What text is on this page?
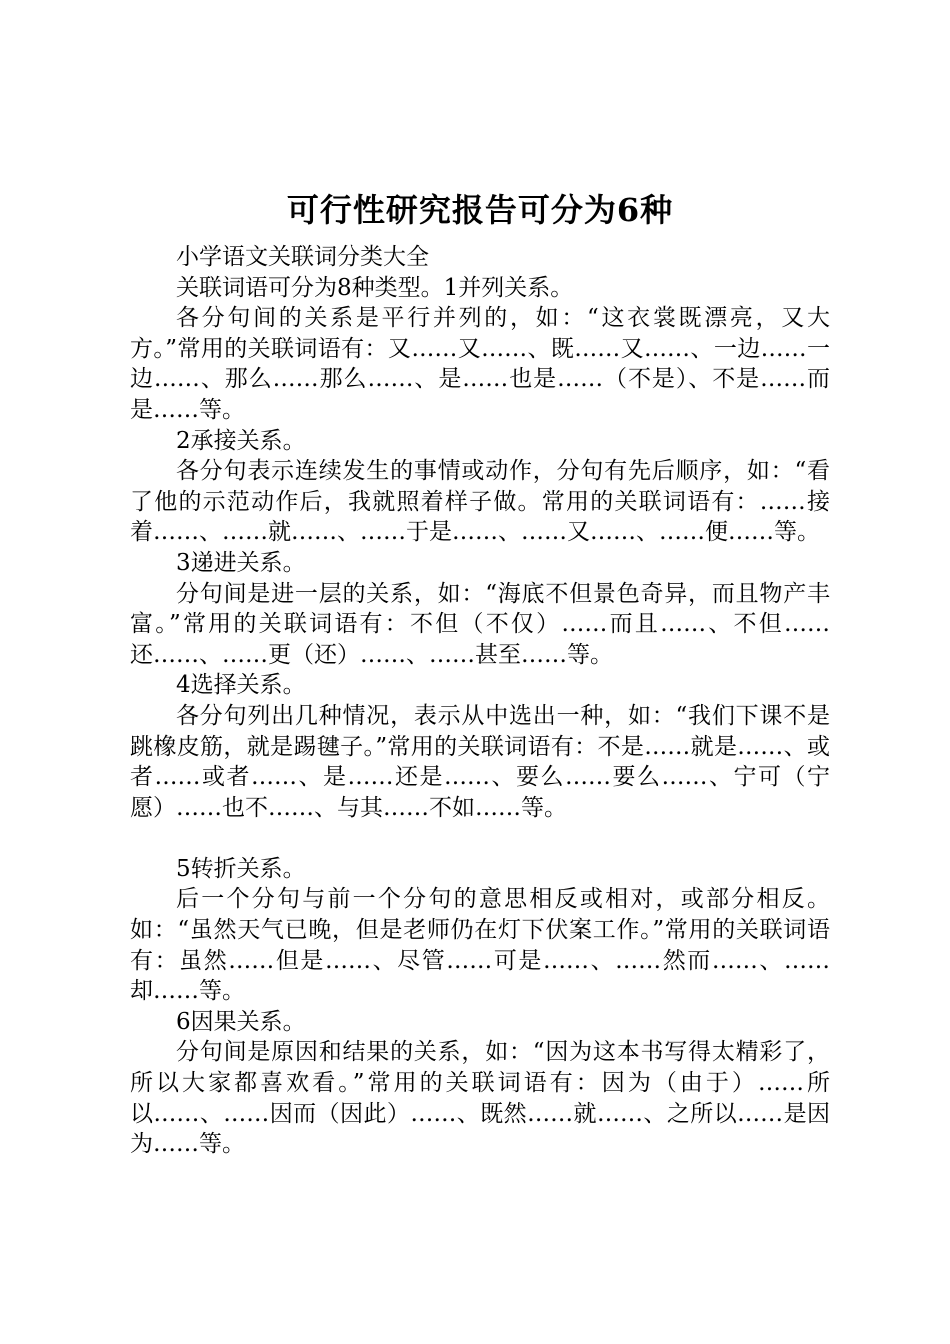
可行性研究报告可分为6种

小学语文关联词分类大全

关联词语可分为8种类型。1并列关系。

各分句间的关系是平行并列的，如：“这衣裳既漂亮，又大方。”常用的关联词语有：又……又……、既……又……、一边……一边……、那么……那么……、是……也是……（不是）、不是……而是……等。

2承接关系。

各分句表示连续发生的事情或动作，分句有先后顺序，如：“看了他的示范动作后，我就照着样子做。常用的关联词语有：……接着……、……就……、……于是……、……又……、……便……等。

3递进关系。

分句间是进一层的关系，如：“海底不但景色奇异，而且物产丰富。”常用的关联词语有：不但（不仅）……而且……、不但……还……、……更（还）……、……甚至……等。

4选择关系。

各分句列出几种情况，表示从中选出一种，如：“我们下课不是跳橡皮筋，就是踢毽子。”常用的关联词语有：不是……就是……、或者……或者……、是……还是……、要么……要么……、宁可（宁愿）……也不……、与其……不如……等。

5转折关系。

后一个分句与前一个分句的意思相反或相对，或部分相反。如：“虽然天气已晚，但是老师仍在灯下伏案工作。”常用的关联词语有：虽然……但是……、尽管……可是……、……然而……、……却……等。

6因果关系。

分句间是原因和结果的关系，如：“因为这本书写得太精彩了，所以大家都喜欢看。”常用的关联词语有：因为（由于）……所以……、……因而（因此）……、既然……就……、之所以……是因为……等。
